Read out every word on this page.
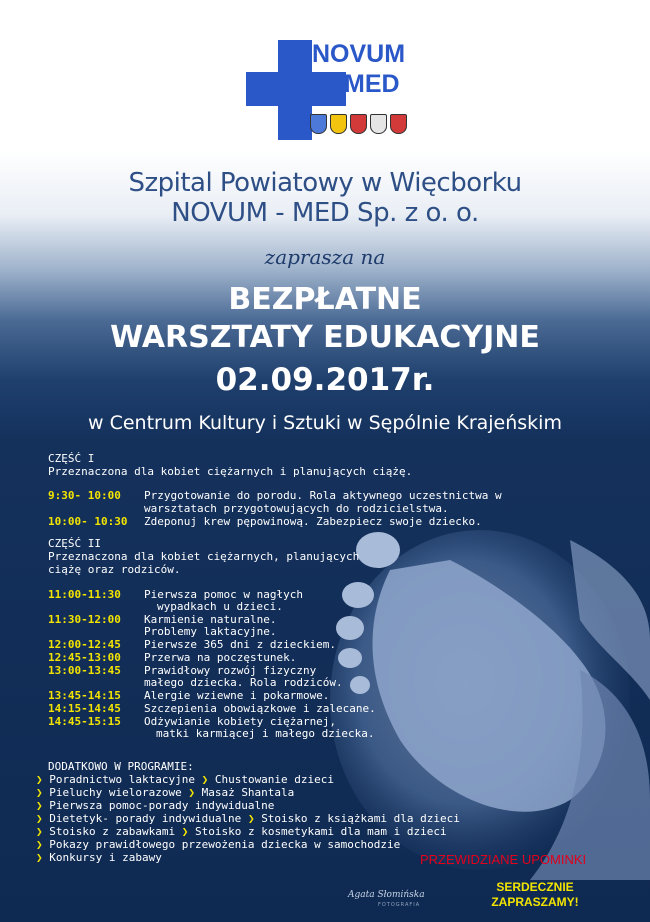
NOVUM
MED
Szpital Powiatowy w Więcborku
NOVUM - MED Sp. z o. o.
zaprasza na
BEZPŁATNE
WARSZTATY EDUKACYJNE
02.09.2017r.
w Centrum Kultury i Sztuki w Sępólnie Krajeńskim
CZĘŚĆ I
Przeznaczona dla kobiet ciężarnych i planujących ciążę.
9:30- 10:00 Przygotowanie do porodu. Rola aktywnego uczestnictwa w
warsztatach przygotowujących do rodzicielstwa.
10:00- 10:30 Zdeponuj krew pępowinową. Zabezpiecz swoje dziecko.
CZĘŚĆ II
Przeznaczona dla kobiet ciężarnych, planujących
ciążę oraz rodziców.
11:00-11:30 Pierwsza pomoc w nagłych
wypadkach u dzieci.
11:30-12:00 Karmienie naturalne.
Problemy laktacyjne.
12:00-12:45 Pierwsze 365 dni z dzieckiem.
12:45-13:00 Przerwa na poczęstunek.
13:00-13:45 Prawidłowy rozwój fizyczny
małego dziecka. Rola rodziców.
13:45-14:15 Alergie wziewne i pokarmowe.
14:15-14:45 Szczepienia obowiązkowe i zalecane.
14:45-15:15 Odżywianie kobiety ciężarnej,
matki karmiącej i małego dziecka.
DODATKOWO W PROGRAMIE:
❯ Poradnictwo laktacyjne ❯ Chustowanie dzieci
❯ Pieluchy wielorazowe ❯ Masaż Shantala
❯ Pierwsza pomoc-porady indywidualne
❯ Dietetyk- porady indywidualne ❯ Stoisko z książkami dla dzieci
❯ Stoisko z zabawkami ❯ Stoisko z kosmetykami dla mam i dzieci
❯ Pokazy prawidłowego przewożenia dziecka w samochodzie
❯ Konkursy i zabawy	PRZEWIDZIANE UPOMINKI
SERDECZNIE
ZAPRASZAMY!
Agata Słomińska
FOTOGRAFIA
